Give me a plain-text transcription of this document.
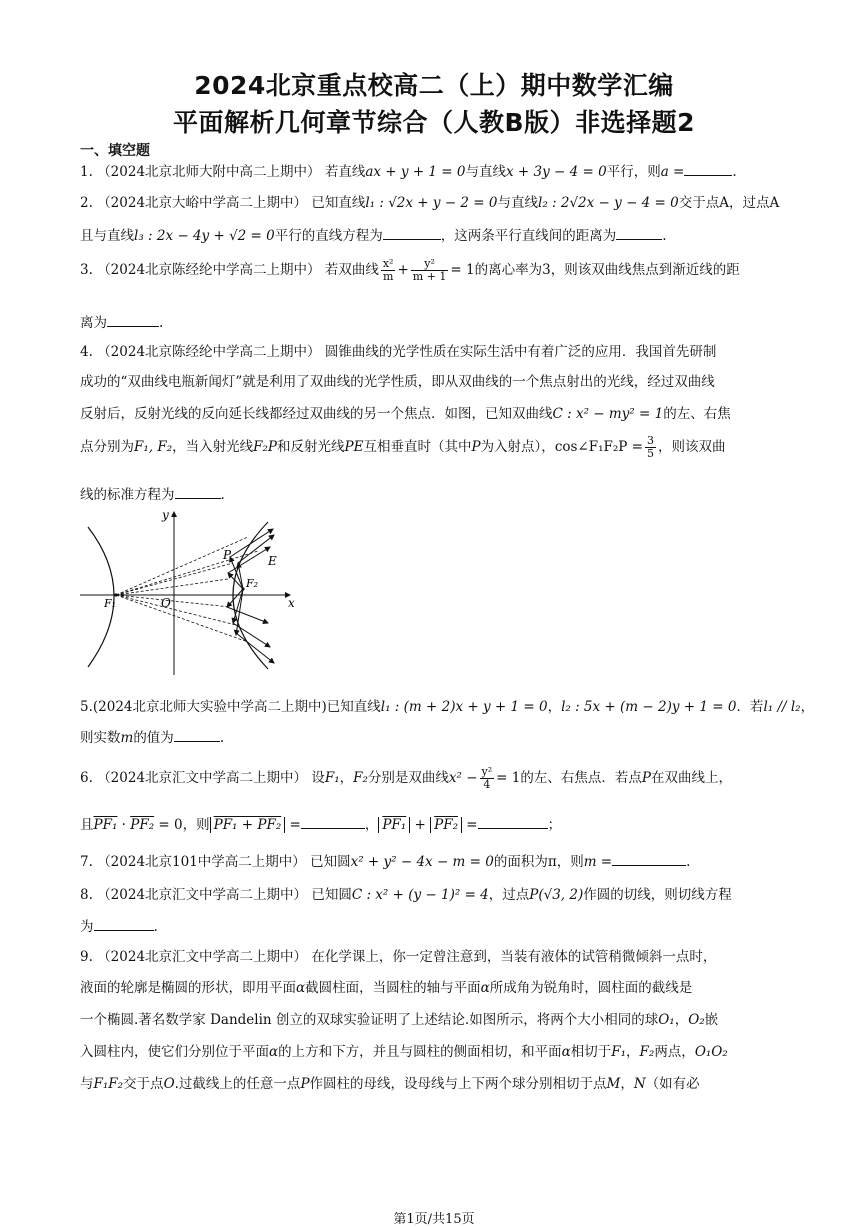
2024北京重点校高二（上）期中数学汇编
平面解析几何章节综合（人教B版）非选择题2
一、填空题
1. （2024北京北师大附中高二上期中） 若直线ax + y + 1 = 0与直线x + 3y − 4 = 0平行，则a =	.
2. （2024北京大峪中学高二上期中） 已知直线l₁ : √2x + y − 2 = 0与直线l₂ : 2√2x − y − 4 = 0交于点A，过点A
且与直线l₃ : 2x − 4y + √2 = 0平行的直线方程为	，这两条平行直线间的距离为	.
3. （2024北京陈经纶中学高二上期中） 若双曲线 $\frac{\text{x²}}{m} + \frac{\text{y²}}{m + 1} = 1$的离心率为3，则该双曲线焦点到渐近线的距
离为	.
4. （2024北京陈经纶中学高二上期中） 圆锥曲线的光学性质在实际生活中有着广泛的应用．我国首先研制
成功的“双曲线电瓶新闻灯”就是利用了双曲线的光学性质，即从双曲线的一个焦点射出的光线，经过双曲线
反射后，反射光线的反向延长线都经过双曲线的另一个焦点．如图，已知双曲线C : x² − my² = 1的左、右焦
点分别为F₁, F₂，当入射光线F₂P和反射光线PE互相垂直时（其中P为入射点），cos∠F₁F₂P = $\frac{3}{5}$ ，则该双曲
线的标准方程为	.
y
x
P	E
F₂
F₁	O
5.(2024北京北师大实验中学高二上期中)已知直线l₁ : (m + 2)x + y + 1 = 0，l₂ : 5x + (m − 2)y + 1 = 0．若l₁ // l₂，
则实数m的值为	.
6. （2024北京汇文中学高二上期中） 设F₁，F₂分别是双曲线$x^2 - \frac{\text{y²}}{4} = 1$的左、右焦点．若点P在双曲线上，
且PF₁ · PF₂ = 0，则 PF₁ + PF₂ =	， PF₁ + PF₂ =	；
7. （2024北京101中学高二上期中） 已知圆x² + y² − 4x − m = 0的面积为π，则m =	.
8. （2024北京汇文中学高二上期中） 已知圆C : x² + (y − 1)² = 4，过点P(√3, 2)作圆的切线，则切线方程
为	.
9. （2024北京汇文中学高二上期中） 在化学课上，你一定曾注意到，当装有液体的试管稍微倾斜一点时，
液面的轮廓是椭圆的形状，即用平面α截圆柱面，当圆柱的轴与平面α所成角为锐角时，圆柱面的截线是
一个椭圆.著名数学家 Dandelin 创立的双球实验证明了上述结论.如图所示，将两个大小相同的球O₁，O₂嵌
入圆柱内，使它们分别位于平面α的上方和下方，并且与圆柱的侧面相切，和平面α相切于F₁，F₂两点，O₁O₂
与F₁F₂交于点O.过截线上的任意一点P作圆柱的母线，设母线与上下两个球分别相切于点M，N（如有必
第1页/共15页
